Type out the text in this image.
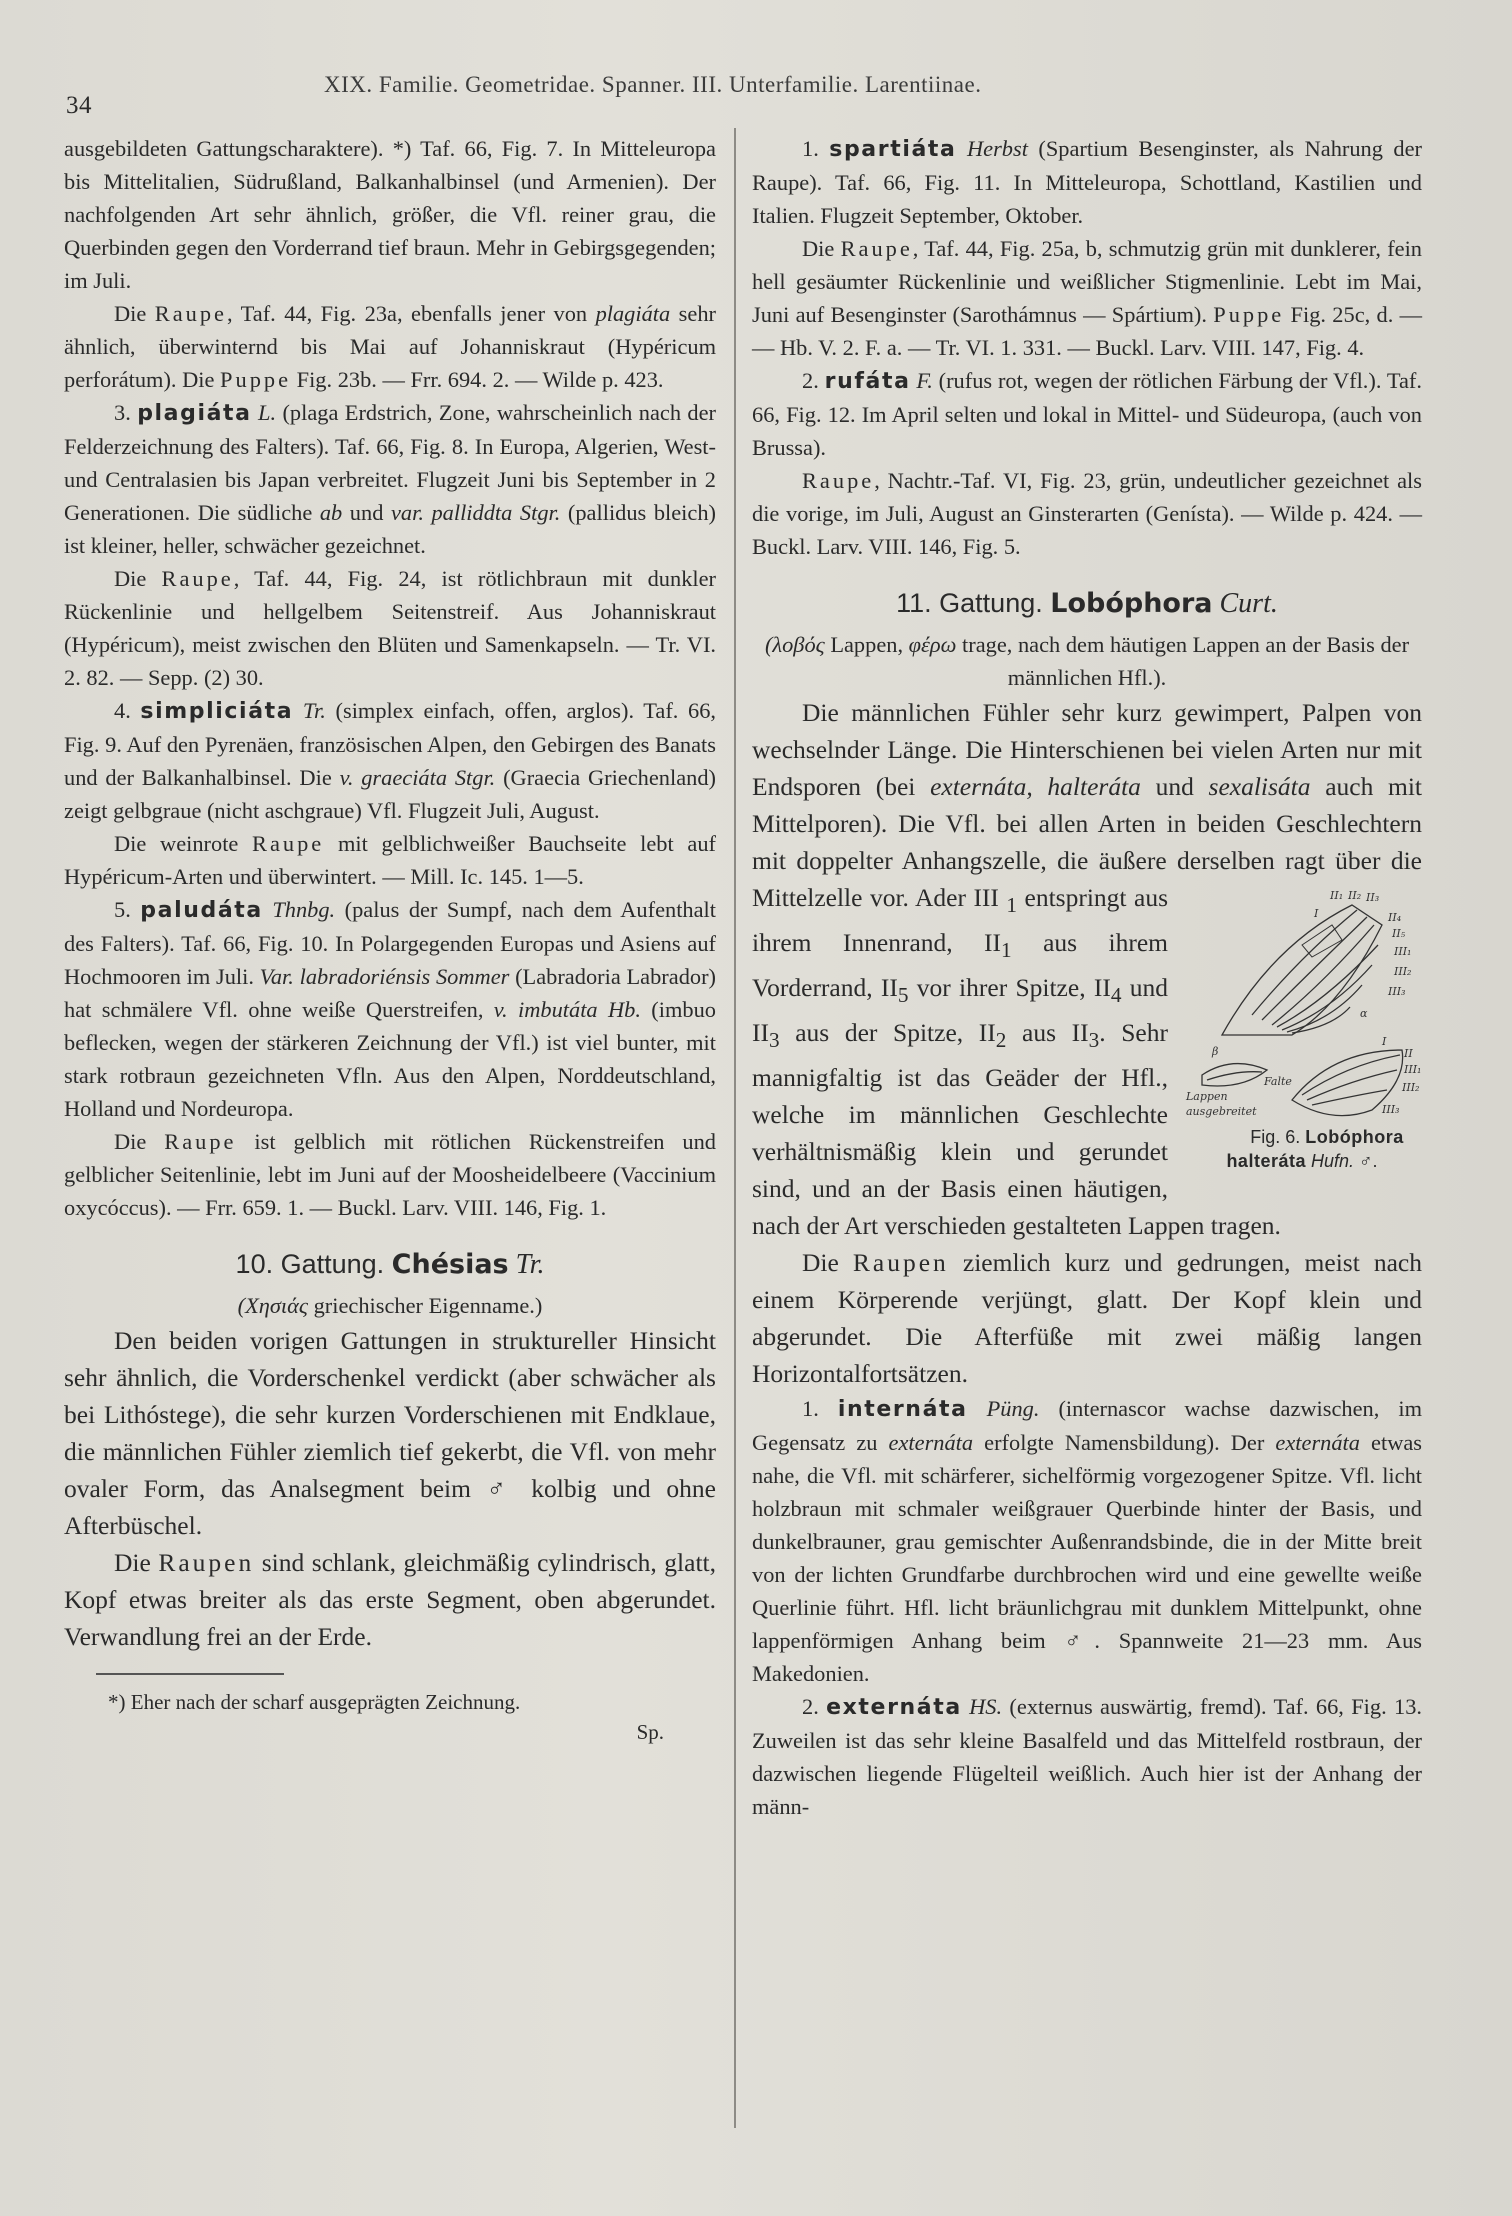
34
XIX. Familie. Geometridae. Spanner. III. Unterfamilie. Larentiinae.

ausgebildeten Gattungscharaktere). *) Taf. 66, Fig. 7. In Mitteleuropa bis Mittelitalien, Südrußland, Balkanhalbinsel (und Armenien). Der nachfolgenden Art sehr ähnlich, größer, die Vfl. reiner grau, die Querbinden gegen den Vorderrand tief braun. Mehr in Gebirgsgegenden; im Juli.

Die Raupe, Taf. 44, Fig. 23a, ebenfalls jener von plagiáta sehr ähnlich, überwinternd bis Mai auf Johanniskraut (Hypéricum perforátum). Die Puppe Fig. 23b. — Frr. 694. 2. — Wilde p. 423.

3. plagiáta L. (plaga Erdstrich, Zone, wahrscheinlich nach der Felderzeichnung des Falters). Taf. 66, Fig. 8. In Europa, Algerien, West- und Centralasien bis Japan verbreitet. Flugzeit Juni bis September in 2 Generationen. Die südliche ab und var. palliddta Stgr. (pallidus bleich) ist kleiner, heller, schwächer gezeichnet.

Die Raupe, Taf. 44, Fig. 24, ist rötlichbraun mit dunkler Rückenlinie und hellgelbem Seitenstreif. Aus Johanniskraut (Hypéricum), meist zwischen den Blüten und Samenkapseln. — Tr. VI. 2. 82. — Sepp. (2) 30.

4. simpliciáta Tr. (simplex einfach, offen, arglos). Taf. 66, Fig. 9. Auf den Pyrenäen, französischen Alpen, den Gebirgen des Banats und der Balkanhalbinsel. Die v. graeciáta Stgr. (Graecia Griechenland) zeigt gelbgraue (nicht aschgraue) Vfl. Flugzeit Juli, August.

Die weinrote Raupe mit gelblichweißer Bauchseite lebt auf Hypéricum-Arten und überwintert. — Mill. Ic. 145. 1—5.

5. paludáta Thnbg. (palus der Sumpf, nach dem Aufenthalt des Falters). Taf. 66, Fig. 10. In Polargegenden Europas und Asiens auf Hochmooren im Juli. Var. labradoriénsis Sommer (Labradoria Labrador) hat schmälere Vfl. ohne weiße Querstreifen, v. imbutáta Hb. (imbuo beflecken, wegen der stärkeren Zeichnung der Vfl.) ist viel bunter, mit stark rotbraun gezeichneten Vfln. Aus den Alpen, Norddeutschland, Holland und Nordeuropa.

Die Raupe ist gelblich mit rötlichen Rückenstreifen und gelblicher Seitenlinie, lebt im Juni auf der Moosheidelbeere (Vaccinium oxycóccus). — Frr. 659. 1. — Buckl. Larv. VIII. 146, Fig. 1.

10. Gattung. Chésias Tr.

(Χησιάς griechischer Eigenname.)

Den beiden vorigen Gattungen in struktureller Hinsicht sehr ähnlich, die Vorderschenkel verdickt (aber schwächer als bei Lithóstege), die sehr kurzen Vorderschienen mit Endklaue, die männlichen Fühler ziemlich tief gekerbt, die Vfl. von mehr ovaler Form, das Analsegment beim ♂ kolbig und ohne Afterbüschel.

Die Raupen sind schlank, gleichmäßig cylindrisch, glatt, Kopf etwas breiter als das erste Segment, oben abgerundet. Verwandlung frei an der Erde.

*) Eher nach der scharf ausgeprägten Zeichnung.
Sp.

1. spartiáta Herbst (Spartium Besenginster, als Nahrung der Raupe). Taf. 66, Fig. 11. In Mitteleuropa, Schottland, Kastilien und Italien. Flugzeit September, Oktober.

Die Raupe, Taf. 44, Fig. 25a, b, schmutzig grün mit dunklerer, fein hell gesäumter Rückenlinie und weißlicher Stigmenlinie. Lebt im Mai, Juni auf Besenginster (Sarothámnus — Spártium). Puppe Fig. 25c, d. — — Hb. V. 2. F. a. — Tr. VI. 1. 331. — Buckl. Larv. VIII. 147, Fig. 4.

2. rufáta F. (rufus rot, wegen der rötlichen Färbung der Vfl.). Taf. 66, Fig. 12. Im April selten und lokal in Mittel- und Südeuropa, (auch von Brussa).

Raupe, Nachtr.-Taf. VI, Fig. 23, grün, undeutlicher gezeichnet als die vorige, im Juli, August an Ginsterarten (Genísta). — Wilde p. 424. — Buckl. Larv. VIII. 146, Fig. 5.

11. Gattung. Lobóphora Curt.

(λοβός Lappen, φέρω trage, nach dem häutigen Lappen an der Basis der männlichen Hfl.).

Die männlichen Fühler sehr kurz gewimpert, Palpen von wechselnder Länge. Die Hinterschienen bei vielen Arten nur mit Endsporen (bei externáta, halteráta und sexalisáta auch mit Mittelporen). Die Vfl. bei allen Arten in beiden Geschlechtern mit doppelter Anhangszelle, die äußere derselben ragt über die Mittelzelle vor. Ader III	II₁ II₂ II₃
I	II₄
II₅
III₁
III₂
III₃
α
β
I
II
III₁
III₂
III₃
Lappen
ausgebreitet
Falte
Fig. 6. Lobóphora
halteráta Hufn. ♂.
$_1$ entspringt aus ihrem Innenrand, $II_1$ aus ihrem Vorderrand, $II_5$ vor ihrer Spitze, $II_4$ und $II_3$ aus der Spitze, $II_2$ aus $II_3$. Sehr mannigfaltig ist das Geäder der Hfl., welche im männlichen Geschlechte verhältnismäßig klein und gerundet sind, und an der Basis einen häutigen, nach der Art verschieden gestalteten Lappen tragen.

Die Raupen ziemlich kurz und gedrungen, meist nach einem Körperende verjüngt, glatt. Der Kopf klein und abgerundet. Die Afterfüße mit zwei mäßig langen Horizontalfortsätzen.

1. internáta Püng. (internascor wachse dazwischen, im Gegensatz zu externáta erfolgte Namensbildung). Der externáta etwas nahe, die Vfl. mit schärferer, sichelförmig vorgezogener Spitze. Vfl. licht holzbraun mit schmaler weißgrauer Querbinde hinter der Basis, und dunkelbrauner, grau gemischter Außenrandsbinde, die in der Mitte breit von der lichten Grundfarbe durchbrochen wird und eine gewellte weiße Querlinie führt. Hfl. licht bräunlichgrau mit dunklem Mittelpunkt, ohne lappenförmigen Anhang beim ♂. Spannweite 21—23 mm. Aus Makedonien.

2. externáta HS. (externus auswärtig, fremd). Taf. 66, Fig. 13. Zuweilen ist das sehr kleine Basalfeld und das Mittelfeld rostbraun, der dazwischen liegende Flügelteil weißlich. Auch hier ist der Anhang der männ-
